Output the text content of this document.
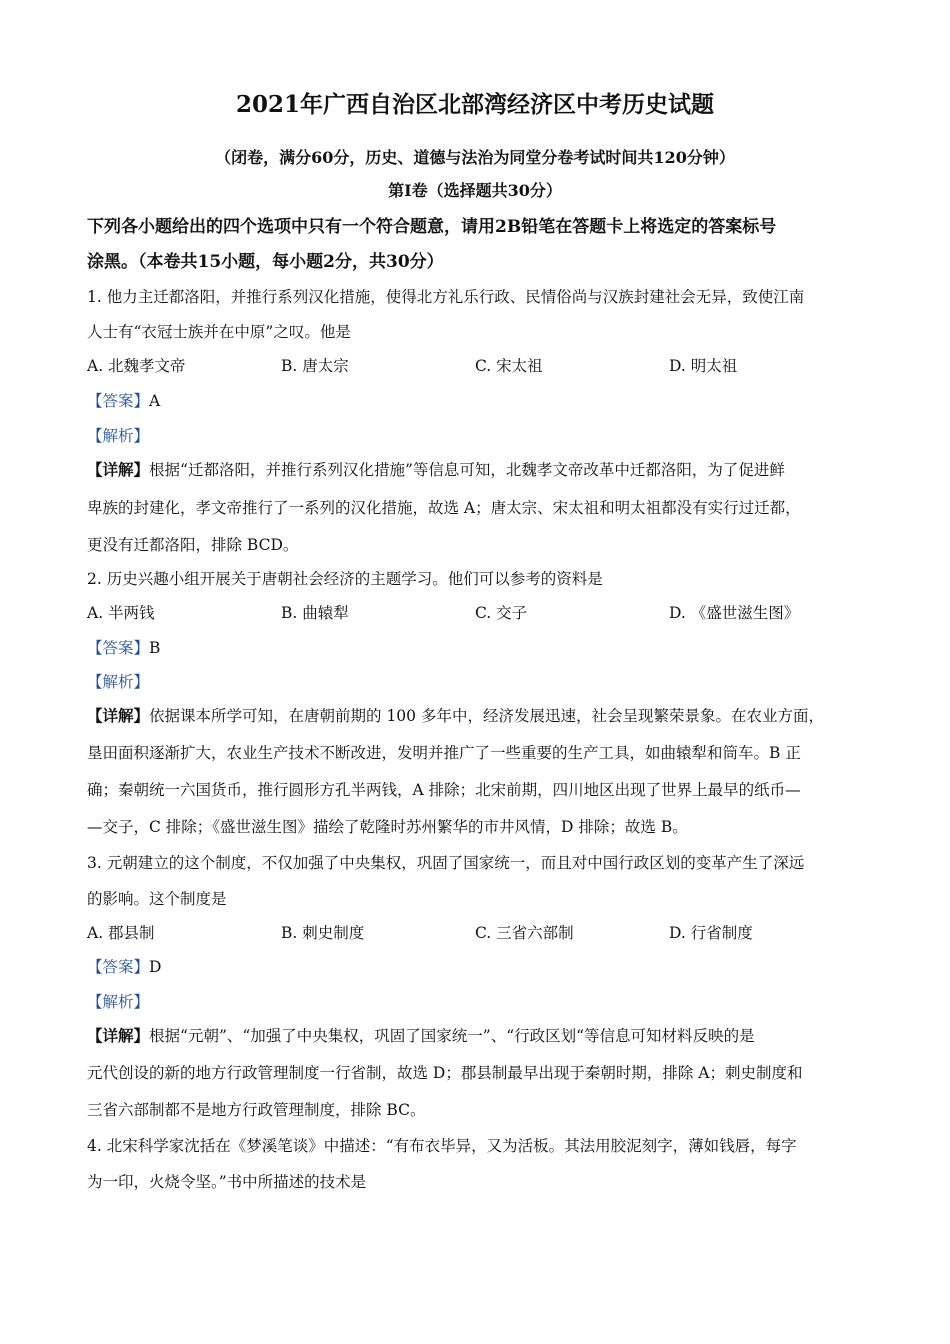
2021年广西自治区北部湾经济区中考历史试题
（闭卷，满分60分，历史、道德与法治为同堂分卷考试时间共120分钟）
第Ⅰ卷（选择题共30分）
下列各小题给出的四个选项中只有一个符合题意，请用2B铅笔在答题卡上将选定的答案标号
涂黑。（本卷共15小题，每小题2分，共30分）
1. 他力主迁都洛阳，并推行系列汉化措施，使得北方礼乐行政、民情俗尚与汉族封建社会无异，致使江南
人士有“衣冠士族并在中原”之叹。他是
A. 北魏孝文帝	B. 唐太宗	C. 宋太祖	D. 明太祖
【答案】A
【解析】
【详解】根据“迁都洛阳，并推行系列汉化措施”等信息可知，北魏孝文帝改革中迁都洛阳，为了促进鲜
卑族的封建化，孝文帝推行了一系列的汉化措施，故选 A；唐太宗、宋太祖和明太祖都没有实行过迁都，
更没有迁都洛阳，排除 BCD。
2. 历史兴趣小组开展关于唐朝社会经济的主题学习。他们可以参考的资料是
A. 半两钱	B. 曲辕犁	C. 交子	D. 《盛世滋生图》
【答案】B
【解析】
【详解】依据课本所学可知，在唐朝前期的 100 多年中，经济发展迅速，社会呈现繁荣景象。在农业方面，
垦田面积逐渐扩大，农业生产技术不断改进，发明并推广了一些重要的生产工具，如曲辕犁和筒车。B 正
确；秦朝统一六国货币，推行圆形方孔半两钱，A 排除；北宋前期，四川地区出现了世界上最早的纸币—
—交子，C 排除；《盛世滋生图》描绘了乾隆时苏州繁华的市井风情，D 排除；故选 B。
3. 元朝建立的这个制度，不仅加强了中央集权，巩固了国家统一，而且对中国行政区划的变革产生了深远
的影响。这个制度是
A. 郡县制	B. 刺史制度	C. 三省六部制	D. 行省制度
【答案】D
【解析】
【详解】根据“元朝”、“加强了中央集权，巩固了国家统一”、“行政区划“等信息可知材料反映的是
元代创设的新的地方行政管理制度一行省制，故选 D；郡县制最早出现于秦朝时期，排除 A；刺史制度和
三省六部制都不是地方行政管理制度，排除 BC。
4. 北宋科学家沈括在《梦溪笔谈》中描述：“有布衣毕异，又为活板。其法用胶泥刻字，薄如钱唇，每字
为一印，火烧令坚。”书中所描述的技术是
